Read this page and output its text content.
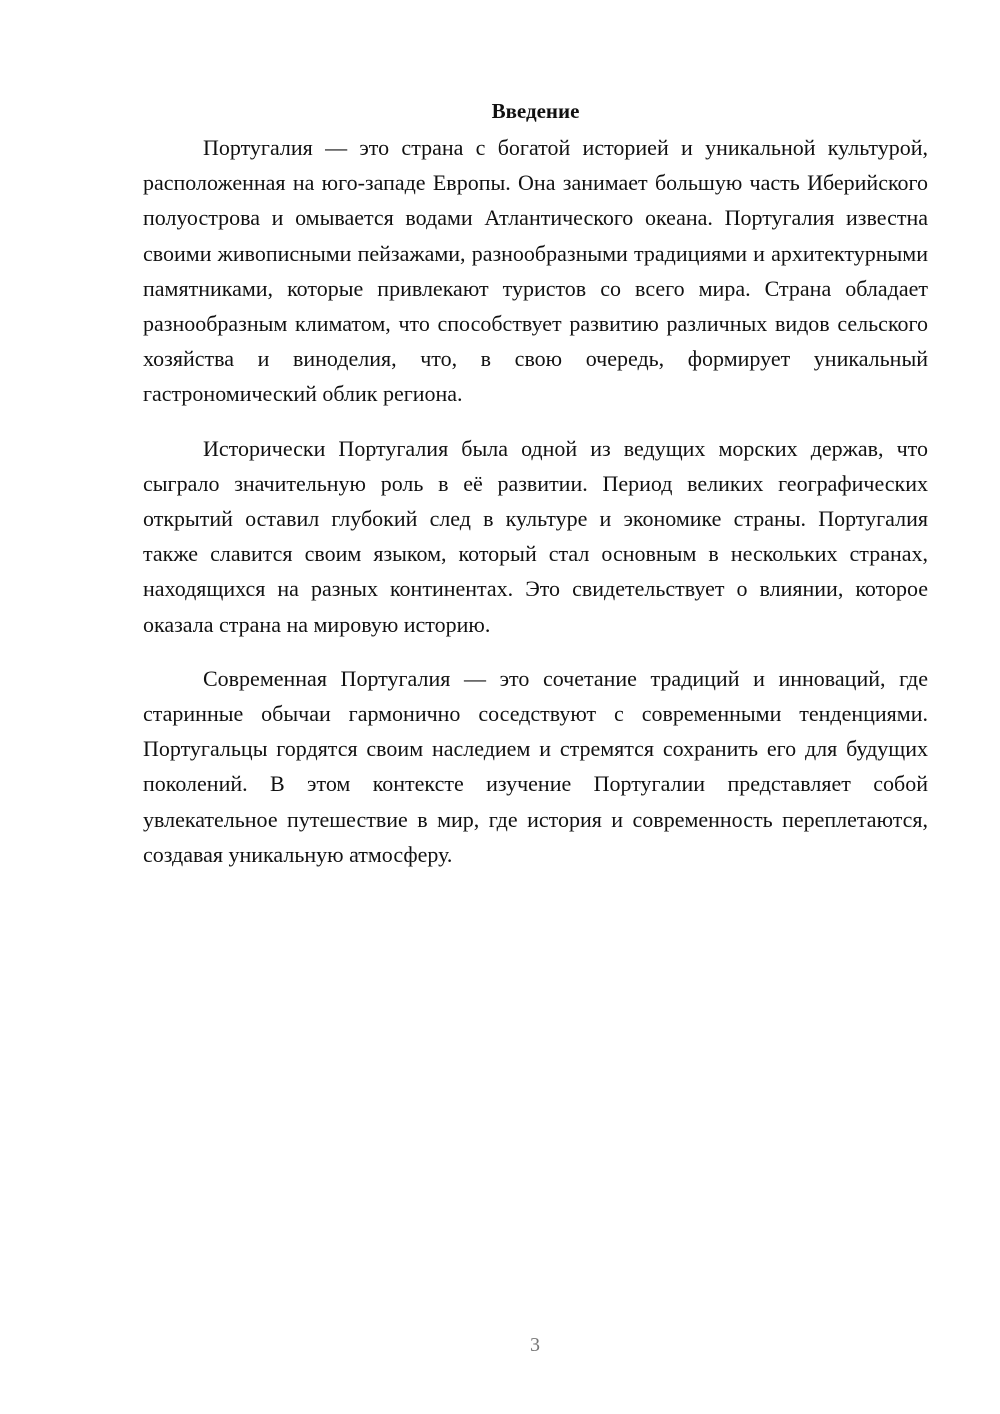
Введение

Португалия — это страна с богатой историей и уникальной культурой, расположенная на юго-западе Европы. Она занимает большую часть Иберийского полуострова и омывается водами Атлантического океана. Португалия известна своими живописными пейзажами, разнообразными традициями и архитектурными памятниками, которые привлекают туристов со всего мира. Страна обладает разнообразным климатом, что способствует развитию различных видов сельского хозяйства и виноделия, что, в свою очередь, формирует уникальный гастрономический облик региона.

Исторически Португалия была одной из ведущих морских держав, что сыграло значительную роль в её развитии. Период великих географических открытий оставил глубокий след в культуре и экономике страны. Португалия также славится своим языком, который стал основным в нескольких странах, находящихся на разных континентах. Это свидетельствует о влиянии, которое оказала страна на мировую историю.

Современная Португалия — это сочетание традиций и инноваций, где старинные обычаи гармонично соседствуют с современными тенденциями. Португальцы гордятся своим наследием и стремятся сохранить его для будущих поколений. В этом контексте изучение Португалии представляет собой увлекательное путешествие в мир, где история и современность переплетаются, создавая уникальную атмосферу.

3
